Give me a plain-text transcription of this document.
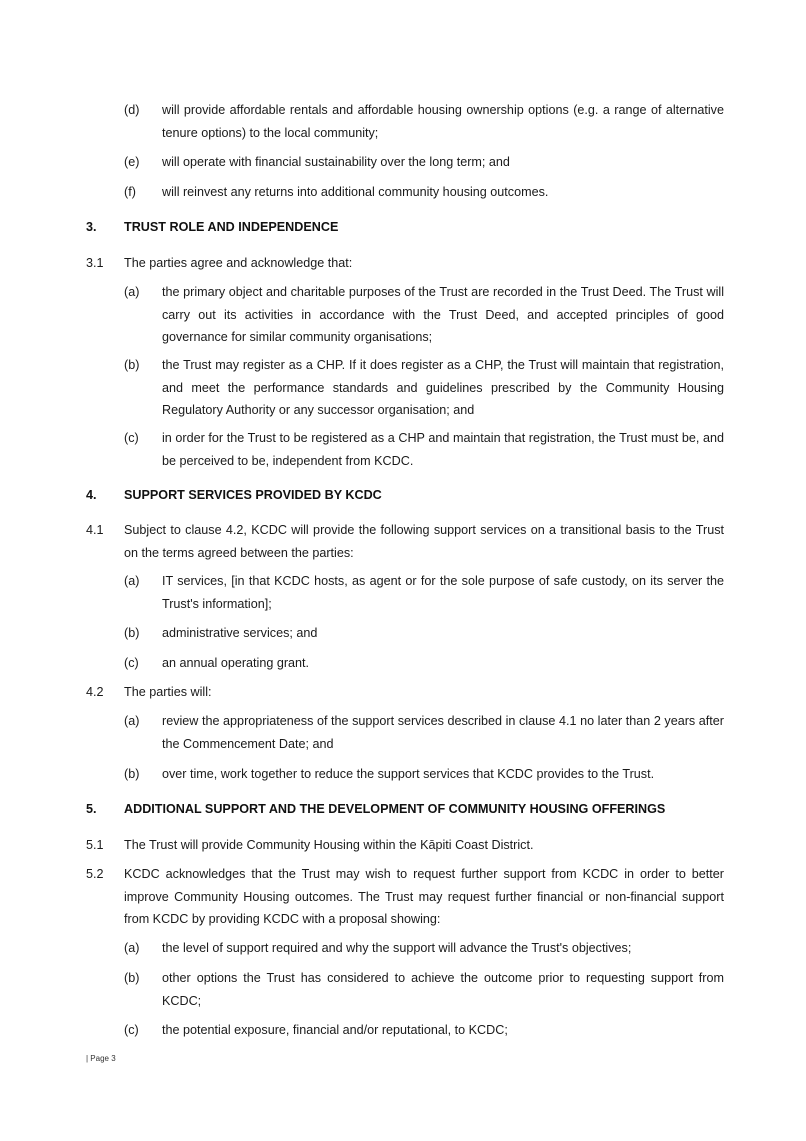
(d) will provide affordable rentals and affordable housing ownership options (e.g. a range of alternative tenure options) to the local community;
(e) will operate with financial sustainability over the long term; and
(f) will reinvest any returns into additional community housing outcomes.
3. TRUST ROLE AND INDEPENDENCE
3.1 The parties agree and acknowledge that:
(a) the primary object and charitable purposes of the Trust are recorded in the Trust Deed. The Trust will carry out its activities in accordance with the Trust Deed, and accepted principles of good governance for similar community organisations;
(b) the Trust may register as a CHP. If it does register as a CHP, the Trust will maintain that registration, and meet the performance standards and guidelines prescribed by the Community Housing Regulatory Authority or any successor organisation; and
(c) in order for the Trust to be registered as a CHP and maintain that registration, the Trust must be, and be perceived to be, independent from KCDC.
4. SUPPORT SERVICES PROVIDED BY KCDC
4.1 Subject to clause 4.2, KCDC will provide the following support services on a transitional basis to the Trust on the terms agreed between the parties:
(a) IT services, [in that KCDC hosts, as agent or for the sole purpose of safe custody, on its server the Trust's information];
(b) administrative services; and
(c) an annual operating grant.
4.2 The parties will:
(a) review the appropriateness of the support services described in clause 4.1 no later than 2 years after the Commencement Date; and
(b) over time, work together to reduce the support services that KCDC provides to the Trust.
5. ADDITIONAL SUPPORT AND THE DEVELOPMENT OF COMMUNITY HOUSING OFFERINGS
5.1 The Trust will provide Community Housing within the Kāpiti Coast District.
5.2 KCDC acknowledges that the Trust may wish to request further support from KCDC in order to better improve Community Housing outcomes. The Trust may request further financial or non-financial support from KCDC by providing KCDC with a proposal showing:
(a) the level of support required and why the support will advance the Trust's objectives;
(b) other options the Trust has considered to achieve the outcome prior to requesting support from KCDC;
(c) the potential exposure, financial and/or reputational, to KCDC;
| Page 3
